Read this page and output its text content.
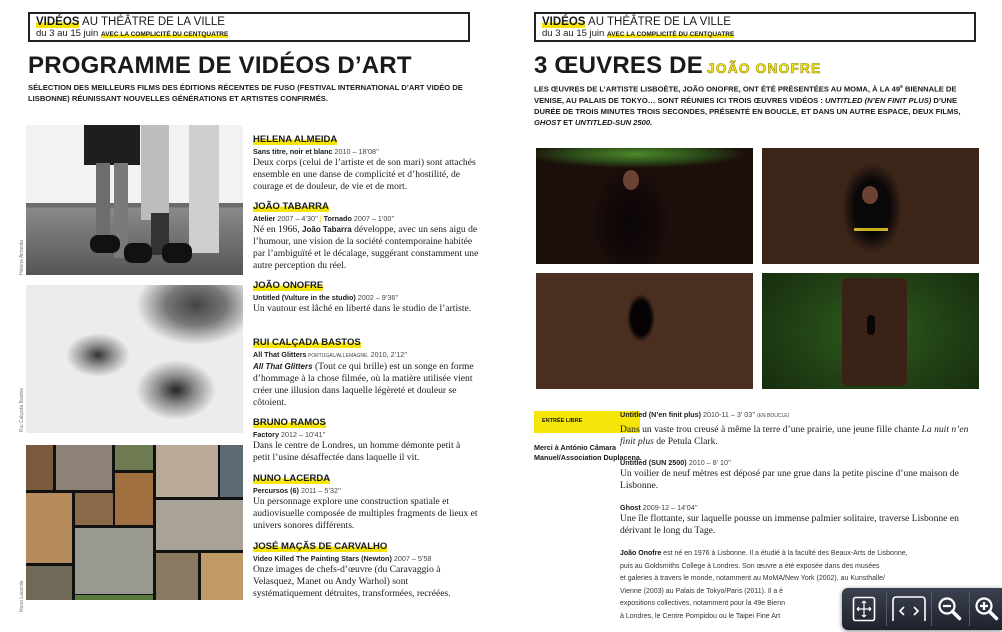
VIDÉOS AU THÉÂTRE DE LA VILLE
du 3 au 15 juin AVEC LA COMPLICITÉ DU CENTQUATRE
PROGRAMME DE VIDÉOS D’ART
SÉLECTION DES MEILLEURS FILMS DES ÉDITIONS RÉCENTES DE FUSO (FESTIVAL INTERNATIONAL D’ART VIDÉO DE LISBONNE) RÉUNISSANT NOUVELLES GÉNÉRATIONS ET ARTISTES CONFIRMÉS.
Helena Almeida
Rui Calçada Bastos
Nuno Lacerda
HELENA ALMEIDA
Sans titre, noir et blanc 2010 – 18’08’’
Deux corps (celui de l’artiste et de son mari) sont attachés ensemble en une danse de complicité et d’hostilité, de courage et de douleur, de vie et de mort.
JOÃO TABARRA
Atelier 2007 – 4’30’’ | Tornado 2007 – 1’00’’
Né en 1966, João Tabarra développe, avec un sens aigu de l’humour, une vision de la société contemporaine habitée par l’ambiguïté et le décalage, suggérant constamment une autre perception du réel.
JOÃO ONOFRE
Untitled (Vulture in the studio) 2002 – 9’36’’
Un vautour est lâché en liberté dans le studio de l’artiste.
RUI CALÇADA BASTOS
All That Glitters PORTUGAL/ALLEMAGNE, 2010, 2’12’’
All That Glitters (Tout ce qui brille) est un songe en forme d’hommage à la chose filmée, où la matière utilisée vient créer une illusion dans laquelle légèreté et douleur se côtoient.
BRUNO RAMOS
Factory 2012 – 10’41’’
Dans le centre de Londres, un homme démonte petit à petit l’usine désaffectée dans laquelle il vit.
NUNO LACERDA
Percursos (6) 2011 – 5’32’’
Un personnage explore une construction spatiale et audiovisuelle composée de multiples fragments de lieux et univers sonores différents.
JOSÉ MAÇÃS DE CARVALHO
Video Killed The Painting Stars (Newton) 2007 – 5’58
Onze images de chefs-d’œuvre (du Caravaggio à Velasquez, Manet ou Andy Warhol) sont systématiquement détruites, transformées, recréées.
VIDÉOS AU THÉÂTRE DE LA VILLE
du 3 au 15 juin AVEC LA COMPLICITÉ DU CENTQUATRE
3 ŒUVRES DE JOÃO ONOFRE
LES ŒUVRES DE L’ARTISTE LISBOÈTE, JOÃO ONOFRE, ONT ÉTÉ PRÉSENTÉES AU MOMA, À LA 49e BIENNALE DE VENISE, AU PALAIS DE TOKYO… SONT RÉUNIES ICI TROIS ŒUVRES VIDÉOS : UNTITLED (N’EN FINIT PLUS) D’UNE DURÉE DE TROIS MINUTES TROIS SECONDES, PRÉSENTÉ EN BOUCLE, ET DANS UN AUTRE ESPACE, DEUX FILMS, GHOST ET UNTITLED-SUN 2500.
ENTRÉE LIBRE
Merci à António Câmara Manuel/Association Duplacena.
Untitled (N’en finit plus) 2010-11 – 3’ 03’’ (EN BOUCLE)
Dans un vaste trou creusé à même la terre d’une prairie, une jeune fille chante La nuit n’en finit plus de Petula Clark.
Untitled (SUN 2500) 2010 – 8’ 10’’
Un voilier de neuf mètres est déposé par une grue dans la petite piscine d’une maison de Lisbonne.
Ghost 2009-12 – 14’04’’
Une île flottante, sur laquelle pousse un immense palmier solitaire, traverse Lisbonne en dérivant le long du Tage.
João Onofre est né en 1976 à Lisbonne. Il a étudié à la faculté des Beaux-Arts de Lisbonne,
puis au Goldsmiths College à Londres. Son œuvre a été exposée dans des musées
et galeries à travers le monde, notamment au MoMA/New York (2002), au Kunsthalle/
Vienne (2003) au Palais de Tokyo/Paris (2011). Il a é
expositions collectives, notamment pour la 49e Bienn
à Londres, le Centre Pompidou ou le Taipei Fine Art
